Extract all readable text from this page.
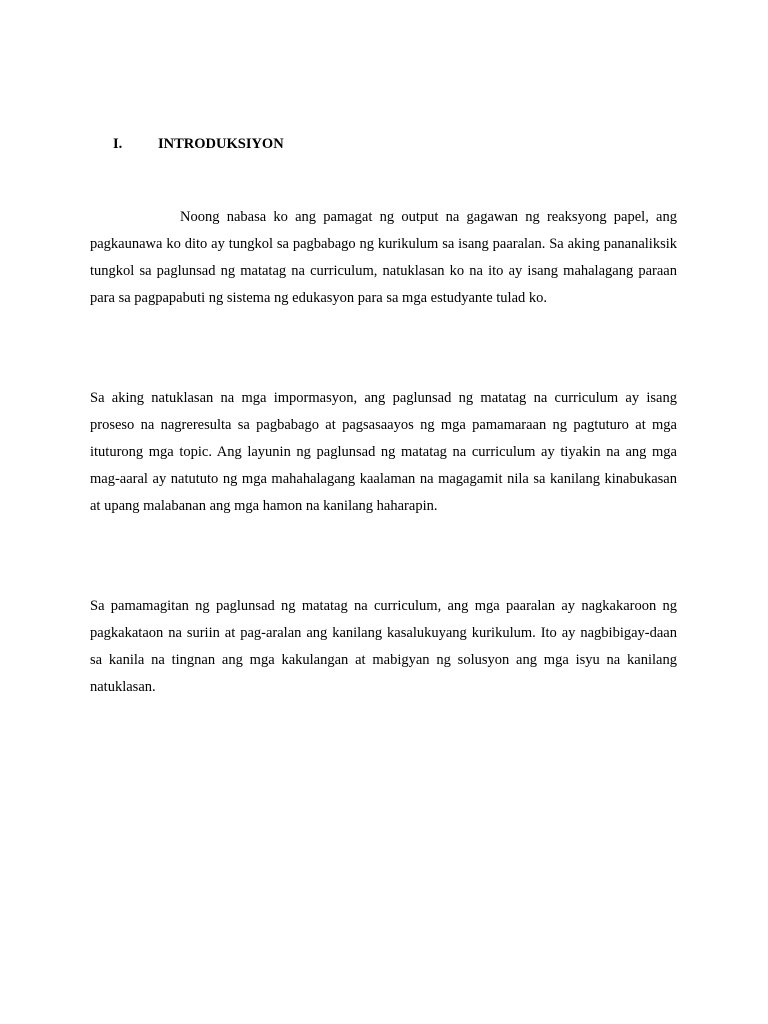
I. INTRODUKSIYON

Noong nabasa ko ang pamagat ng output na gagawan ng reaksyong papel, ang pagkaunawa ko dito ay tungkol sa pagbabago ng kurikulum sa isang paaralan. Sa aking pananaliksik tungkol sa paglunsad ng matatag na curriculum, natuklasan ko na ito ay isang mahalagang paraan para sa pagpapabuti ng sistema ng edukasyon para sa mga estudyante tulad ko.

Sa aking natuklasan na mga impormasyon, ang paglunsad ng matatag na curriculum ay isang proseso na nagreresulta sa pagbabago at pagsasaayos ng mga pamamaraan ng pagtuturo at mga ituturong mga topic. Ang layunin ng paglunsad ng matatag na curriculum ay tiyakin na ang mga mag-aaral ay natututo ng mga mahahalagang kaalaman na magagamit nila sa kanilang kinabukasan at upang malabanan ang mga hamon na kanilang haharapin.

Sa pamamagitan ng paglunsad ng matatag na curriculum, ang mga paaralan ay nagkakaroon ng pagkakataon na suriin at pag-aralan ang kanilang kasalukuyang kurikulum. Ito ay nagbibigay-daan sa kanila na tingnan ang mga kakulangan at mabigyan ng solusyon ang mga isyu na kanilang natuklasan.
